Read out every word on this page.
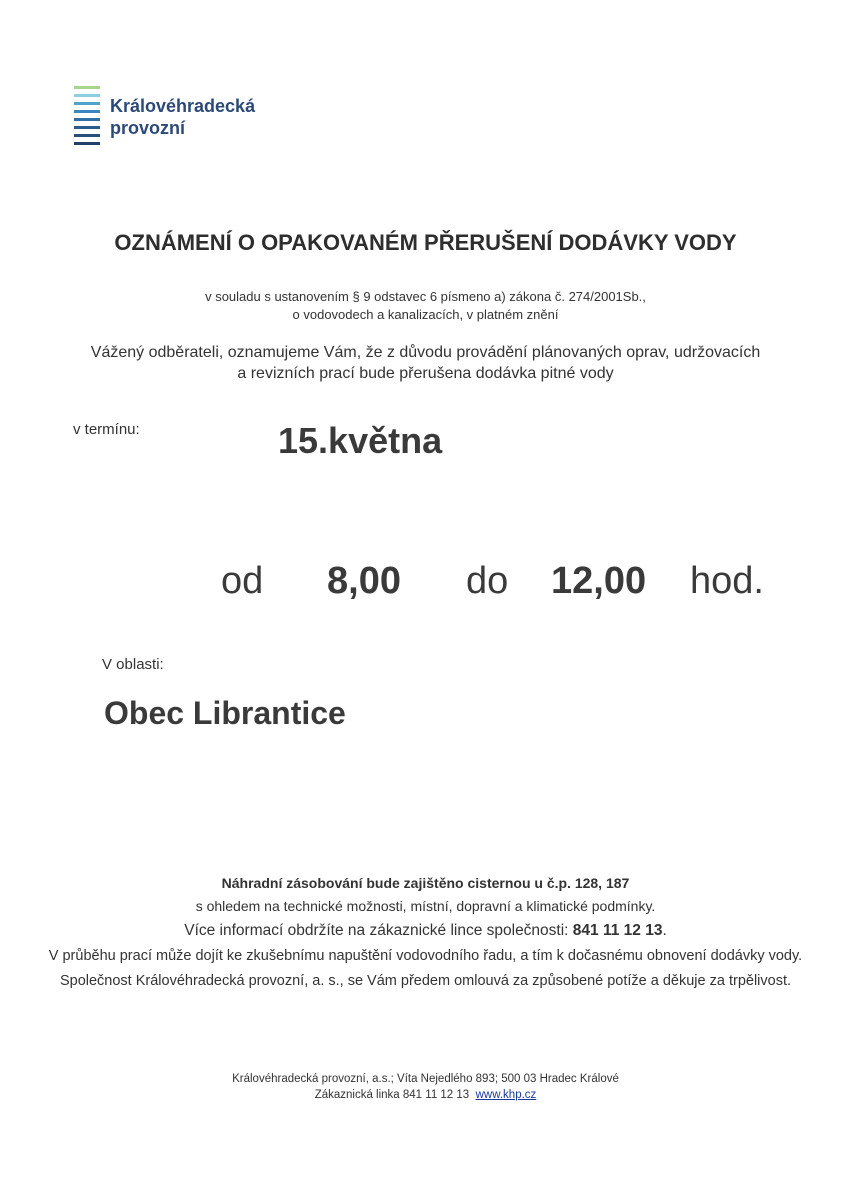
Královéhradecká
provozní
OZNÁMENÍ O OPAKOVANÉM PŘERUŠENÍ DODÁVKY VODY
v souladu s ustanovením § 9 odstavec 6 písmeno a) zákona č. 274/2001Sb.,
o vodovodech a kanalizacích, v platném znění
Vážený odběrateli, oznamujeme Vám, že z důvodu provádění plánovaných oprav, udržovacích
a revizních prací bude přerušena dodávka pitné vody
v termínu:	15.května
od 8,00 do 12,00 hod.
V oblasti:
Obec Librantice

Náhradní zásobování bude zajištěno cisternou u č.p. 128, 187

s ohledem na technické možnosti, místní, dopravní a klimatické podmínky.

Více informací obdržíte na zákaznické lince společnosti: 841 11 12 13.

V průběhu prací může dojít ke zkušebnímu napuštění vodovodního řadu, a tím k dočasnému obnovení dodávky vody.

Společnost Královéhradecká provozní, a. s., se Vám předem omlouvá za způsobené potíže a děkuje za trpělivost.

Královéhradecká provozní, a.s.; Víta Nejedlého 893; 500 03 Hradec Králové
Zákaznická linka 841 11 12 13 www.khp.cz
